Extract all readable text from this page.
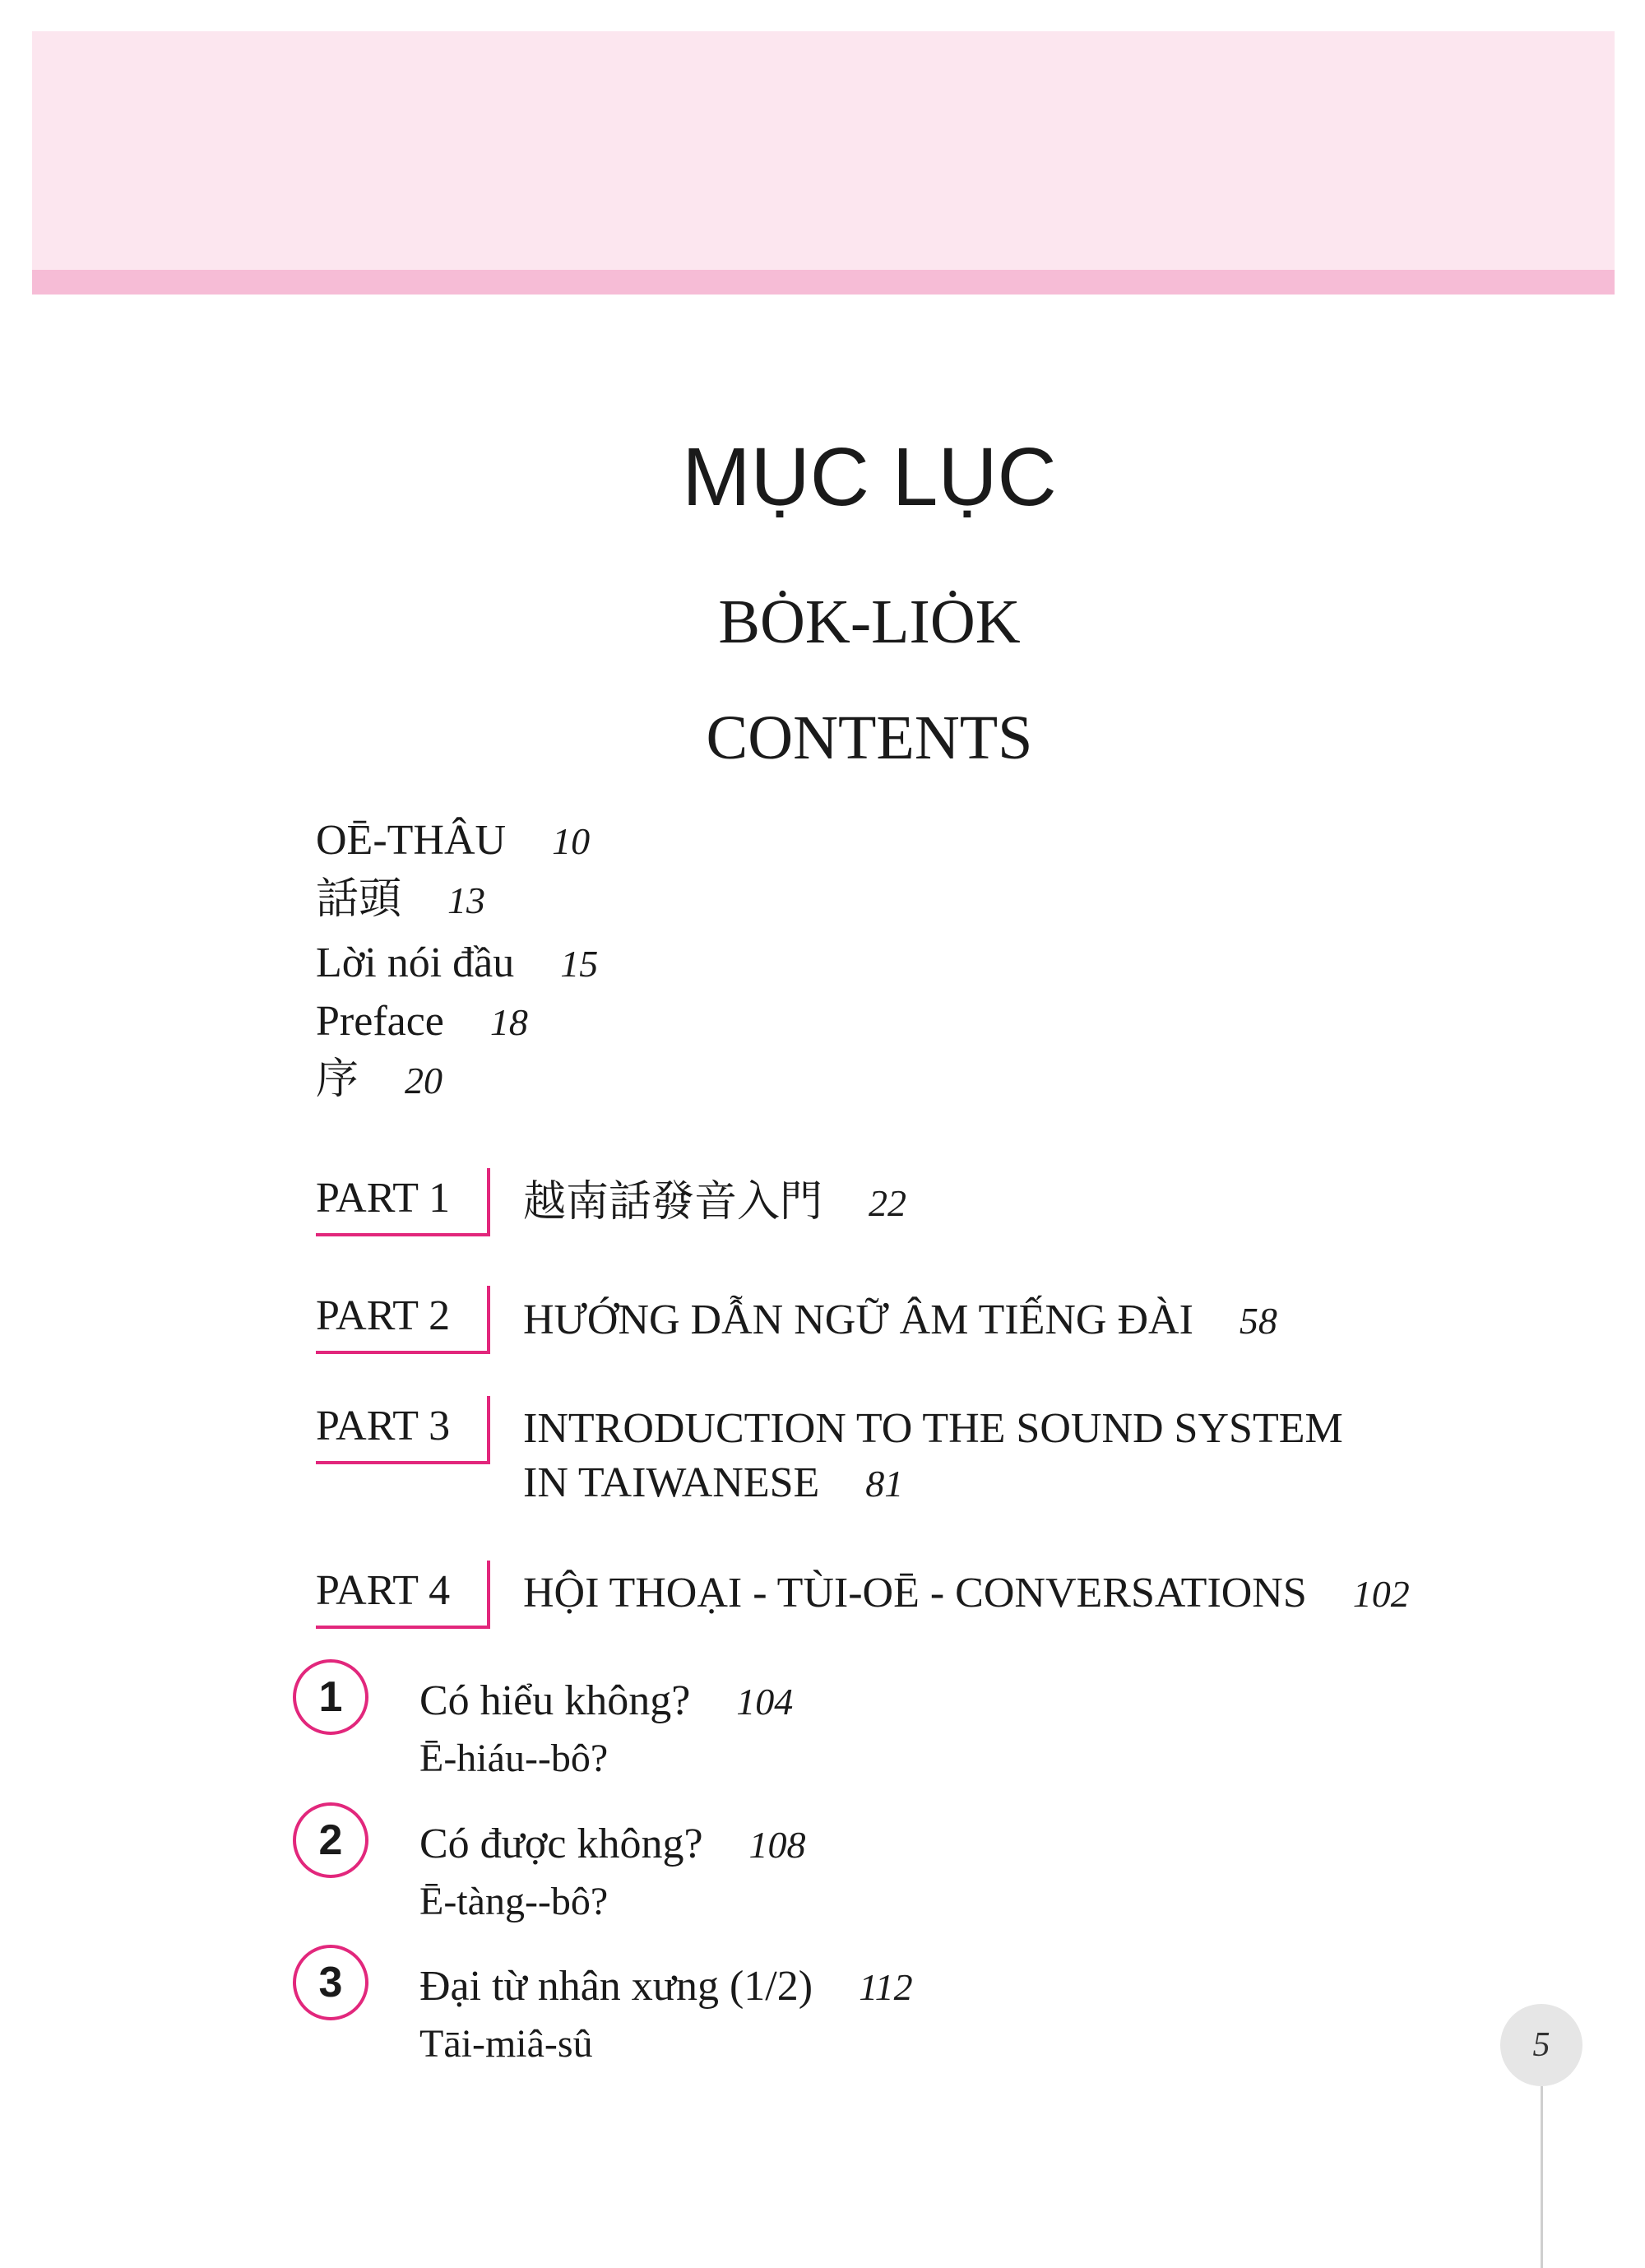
MỤC LỤC
BȮK-LIȮK
CONTENTS
OĒ-THÂU 10
話頭 13
Lời nói đầu 15
Preface 18
序 20
PART 1	越南話發音入門 22
PART 2	HƯỚNG DẪN NGỮ ÂM TIẾNG ĐÀI 58
PART 3	INTRODUCTION TO THE SOUND SYSTEM
IN TAIWANESE 81
PART 4	HỘI THOẠI - TÙI-OĒ - CONVERSATIONS 102
1	Có hiểu không? 104
Ē-hiáu--bô?
2	Có được không? 108
Ē-tàng--bô?
3	Đại từ nhân xưng (1/2) 112
Tāi-miâ-sû	5
